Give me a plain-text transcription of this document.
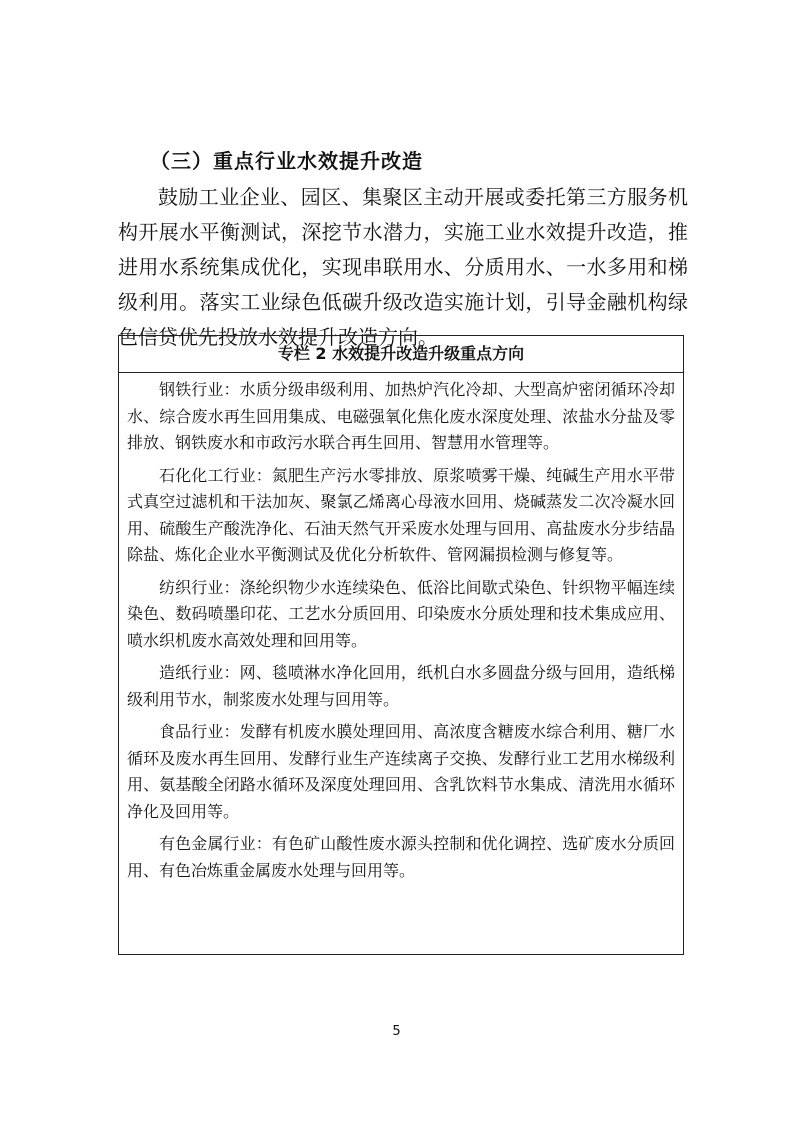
（三）重点行业水效提升改造

鼓励工业企业、园区、集聚区主动开展或委托第三方服务机构开展水平衡测试，深挖节水潜力，实施工业水效提升改造，推进用水系统集成优化，实现串联用水、分质用水、一水多用和梯级利用。落实工业绿色低碳升级改造实施计划，引导金融机构绿色信贷优先投放水效提升改造方向。

专栏 2 水效提升改造升级重点方向

钢铁行业：水质分级串级利用、加热炉汽化冷却、大型高炉密闭循环冷却水、综合废水再生回用集成、电磁强氧化焦化废水深度处理、浓盐水分盐及零排放、钢铁废水和市政污水联合再生回用、智慧用水管理等。

石化化工行业：氮肥生产污水零排放、原浆喷雾干燥、纯碱生产用水平带式真空过滤机和干法加灰、聚氯乙烯离心母液水回用、烧碱蒸发二次冷凝水回用、硫酸生产酸洗净化、石油天然气开采废水处理与回用、高盐废水分步结晶除盐、炼化企业水平衡测试及优化分析软件、管网漏损检测与修复等。

纺织行业：涤纶织物少水连续染色、低浴比间歇式染色、针织物平幅连续染色、数码喷墨印花、工艺水分质回用、印染废水分质处理和技术集成应用、喷水织机废水高效处理和回用等。

造纸行业：网、毯喷淋水净化回用，纸机白水多圆盘分级与回用，造纸梯级利用节水，制浆废水处理与回用等。

食品行业：发酵有机废水膜处理回用、高浓度含糖废水综合利用、糖厂水循环及废水再生回用、发酵行业生产连续离子交换、发酵行业工艺用水梯级利用、氨基酸全闭路水循环及深度处理回用、含乳饮料节水集成、清洗用水循环净化及回用等。

有色金属行业：有色矿山酸性废水源头控制和优化调控、选矿废水分质回用、有色冶炼重金属废水处理与回用等。

5
